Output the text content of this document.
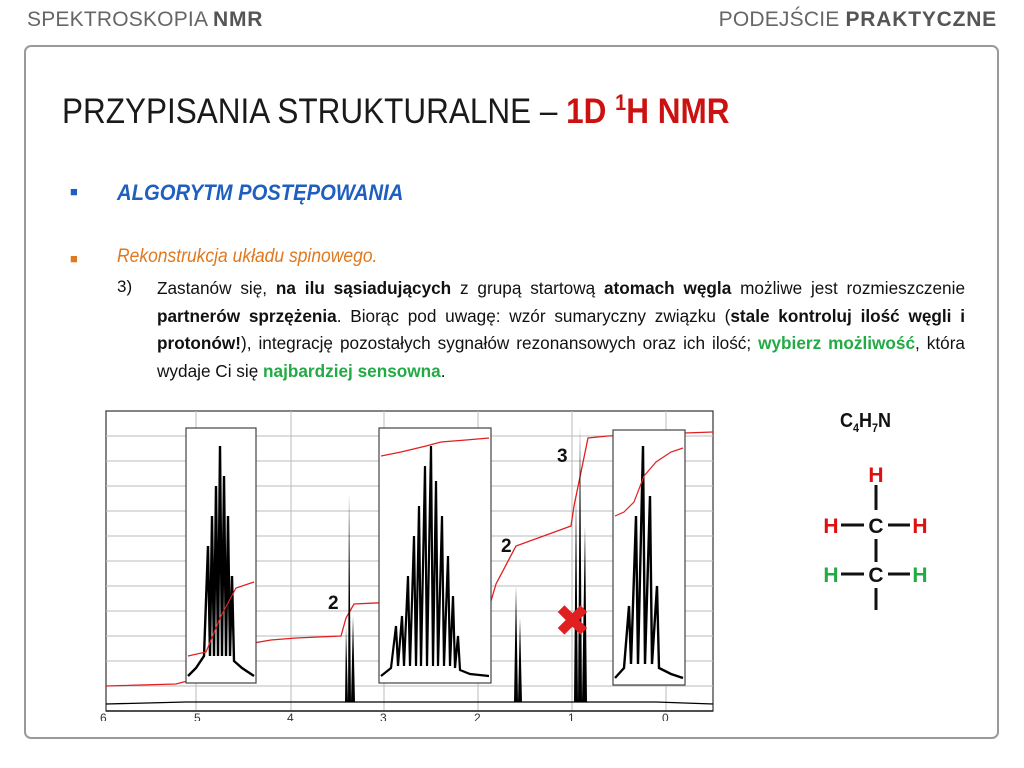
SPEKTROSKOPIA NMR	PODEJŚCIE PRAKTYCZNE
PRZYPISANIA STRUKTURALNE – 1D $^1$H NMR
■ ALGORYTM POSTĘPOWANIA
■ Rekonstrukcja układu spinowego.
3) Zastanów się, na ilu sąsiadujących z grupą startową atomach węgla możliwe jest rozmieszczenie partnerów sprzężenia. Biorąc pod uwagę: wzór sumaryczny związku (stale kontroluj ilość węgli i protonów!), integrację pozostałych sygnałów rezonansowych oraz ich ilość; wybierz możliwość, która wydaje Ci się najbardziej sensowna.
6	5	4	3	2	1	0
2
2
3
✖
$C_4H_7N$
H
C
C
H	H
H	H
